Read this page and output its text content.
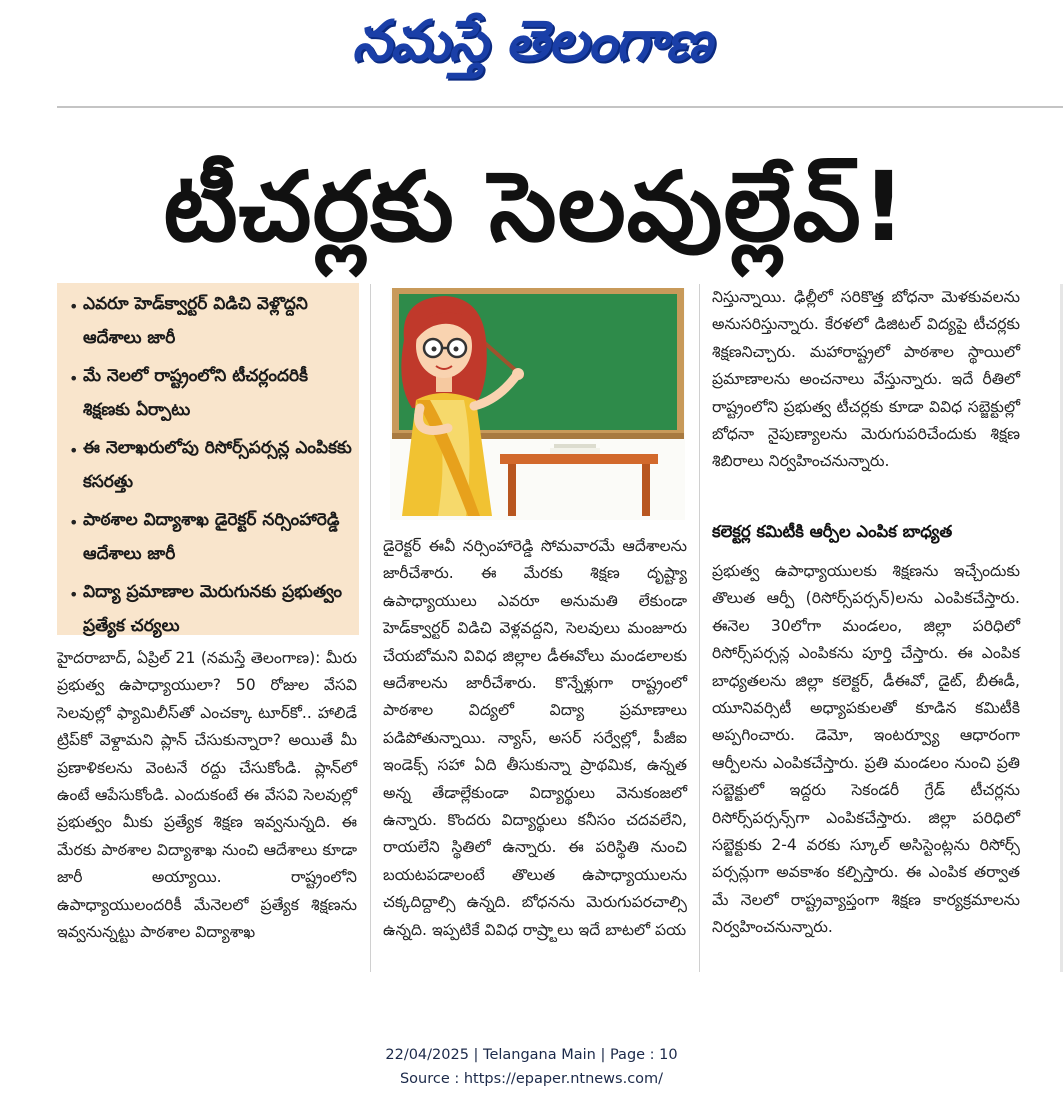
నమస్తే తెలంగాణ
టీచర్లకు సెలవుల్లేవ్!
• ఎవరూ హెడ్‌క్వార్టర్ విడిచి వెళ్లొద్దని ఆదేశాలు జారీ
• మే నెలలో రాష్ట్రంలోని టీచర్లందరికీ శిక్షణకు ఏర్పాటు
• ఈ నెలాఖరులోపు రిసోర్స్‌పర్సన్ల ఎంపికకు కసరత్తు
• పాఠశాల విద్యాశాఖ డైరెక్టర్ నర్సింహారెడ్డి ఆదేశాలు జారీ
• విద్యా ప్రమాణాల మెరుగునకు ప్రభుత్వం ప్రత్యేక చర్యలు
హైదరాబాద్, ఏప్రిల్ 21 (నమస్తే తెలంగాణ): మీరు ప్రభుత్వ ఉపాధ్యాయులా? 50 రోజుల వేసవి సెలవుల్లో ఫ్యామిలీస్‌తో ఎంచక్కా టూర్‌కో.. హాలిడే ట్రిప్‌కో వెళ్దామని ప్లాన్ చేసుకున్నారా? అయితే మీ ప్రణాళికలను వెంటనే రద్దు చేసుకోండి. ప్లాన్‌లో ఉంటే ఆపేసుకోండి. ఎందుకంటే ఈ వేసవి సెలవుల్లో ప్రభుత్వం మీకు ప్రత్యేక శిక్షణ ఇవ్వనున్నది. ఈ మేరకు పాఠశాల విద్యాశాఖ నుంచి ఆదేశాలు కూడా జారీ అయ్యాయి. రాష్ట్రంలోని ఉపాధ్యాయులందరికీ మేనెలలో ప్రత్యేక శిక్షణను ఇవ్వనున్నట్టు పాఠశాల విద్యాశాఖ
డైరెక్టర్ ఈవీ నర్సింహారెడ్డి సోమవారమే ఆదేశాలను జారీచేశారు. ఈ మేరకు శిక్షణ దృష్ట్యా ఉపాధ్యాయులు ఎవరూ అనుమతి లేకుండా హెడ్‌క్వార్టర్ విడిచి వెళ్లవద్దని, సెలవులు మంజూరు చేయబోమని వివిధ జిల్లాల డీఈవోలు మండలాలకు ఆదేశాలను జారీచేశారు. కొన్నేళ్లుగా రాష్ట్రంలో పాఠశాల విద్యలో విద్యా ప్రమాణాలు పడిపోతున్నాయి. న్యాస్, అసర్ సర్వేల్లో, పీజీఐ ఇండెక్స్ సహా ఏది తీసుకున్నా ప్రాథమిక, ఉన్నత అన్న తేడాల్లేకుండా విద్యార్థులు వెనుకంజలో ఉన్నారు. కొందరు విద్యార్థులు కనీసం చదవలేని, రాయలేని స్థితిలో ఉన్నారు. ఈ పరిస్థితి నుంచి బయటపడాలంటే తొలుత ఉపాధ్యాయులను చక్కదిద్దాల్సి ఉన్నది. బోధనను మెరుగుపరచాల్సి ఉన్నది. ఇప్పటికే వివిధ రాష్ర్టాలు ఇదే బాటలో పయ
నిస్తున్నాయి. ఢిల్లీలో సరికొత్త బోధనా మెళకువలను అనుసరిస్తున్నారు. కేరళలో డిజిటల్ విద్యపై టీచర్లకు శిక్షణనిచ్చారు. మహారాష్ట్రలో పాఠశాల స్థాయిలో ప్రమాణాలను అంచనాలు వేస్తున్నారు. ఇదే రీతిలో రాష్ట్రంలోని ప్రభుత్వ టీచర్లకు కూడా వివిధ సబ్జెక్టుల్లో బోధనా నైపుణ్యాలను మెరుగుపరిచేందుకు శిక్షణ శిబిరాలు నిర్వహించనున్నారు.
కలెక్టర్ల కమిటీకి ఆర్పీల ఎంపిక బాధ్యత
ప్రభుత్వ ఉపాధ్యాయులకు శిక్షణను ఇచ్చేందుకు తొలుత ఆర్పీ (రిసోర్స్‌పర్సన్)లను ఎంపికచేస్తారు. ఈనెల 30లోగా మండలం, జిల్లా పరిధిలో రిసోర్స్‌పర్సన్ల ఎంపికను పూర్తి చేస్తారు. ఈ ఎంపిక బాధ్యతలను జిల్లా కలెక్టర్, డీఈవో, డైట్, బీఈడీ, యూనివర్సిటీ అధ్యాపకులతో కూడిన కమిటీకి అప్పగించారు. డెమో, ఇంటర్వ్యూ ఆధారంగా ఆర్పీలను ఎంపికచేస్తారు. ప్రతి మండలం నుంచి ప్రతి సబ్జెక్టులో ఇద్దరు సెకండరీ గ్రేడ్ టీచర్లను రిసోర్స్‌పర్సన్స్‌గా ఎంపికచేస్తారు. జిల్లా పరిధిలో సబ్జెక్టుకు 2-4 వరకు స్కూల్ అసిస్టెంట్లను రిసోర్స్ పర్సన్లుగా అవకాశం కల్పిస్తారు. ఈ ఎంపిక తర్వాత మే నెలలో రాష్ట్రవ్యాప్తంగా శిక్షణ కార్యక్రమాలను నిర్వహించనున్నారు.
22/04/2025 | Telangana Main | Page : 10
Source : https://epaper.ntnews.com/
